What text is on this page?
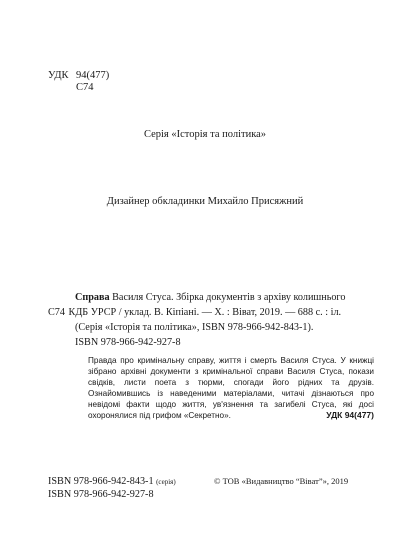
УДК 94(477)
С74
Серія «Історія та політика»
Дизайнер обкладинки Михайло Присяжний
Справа Василя Стуса. Збірка документів з архіву колишнього
С74 КДБ УРСР / уклад. В. Кіпіані. — Х. : Віват, 2019. — 688 с. : іл.
(Серія «Історія та політика», ISBN 978-966-942-843-1).
ISBN 978-966-942-927-8
Правда про кримінальну справу, життя і смерть Василя Стуса. У книжці зібрано архівні документи з кримінальної справи Василя Стуса, покази свідків, листи поета з тюрми, спогади його рідних та друзів. Ознайомившись із наведеними матеріалами, читачі дізнаються про невідомі факти щодо життя, ув'язнення та загибелі Стуса, які досі охоронялися під грифом «Секретно».	УДК 94(477)
ISBN 978-966-942-843-1 (серія)
ISBN 978-966-942-927-8
© ТОВ «Видавництво “Віват”», 2019
